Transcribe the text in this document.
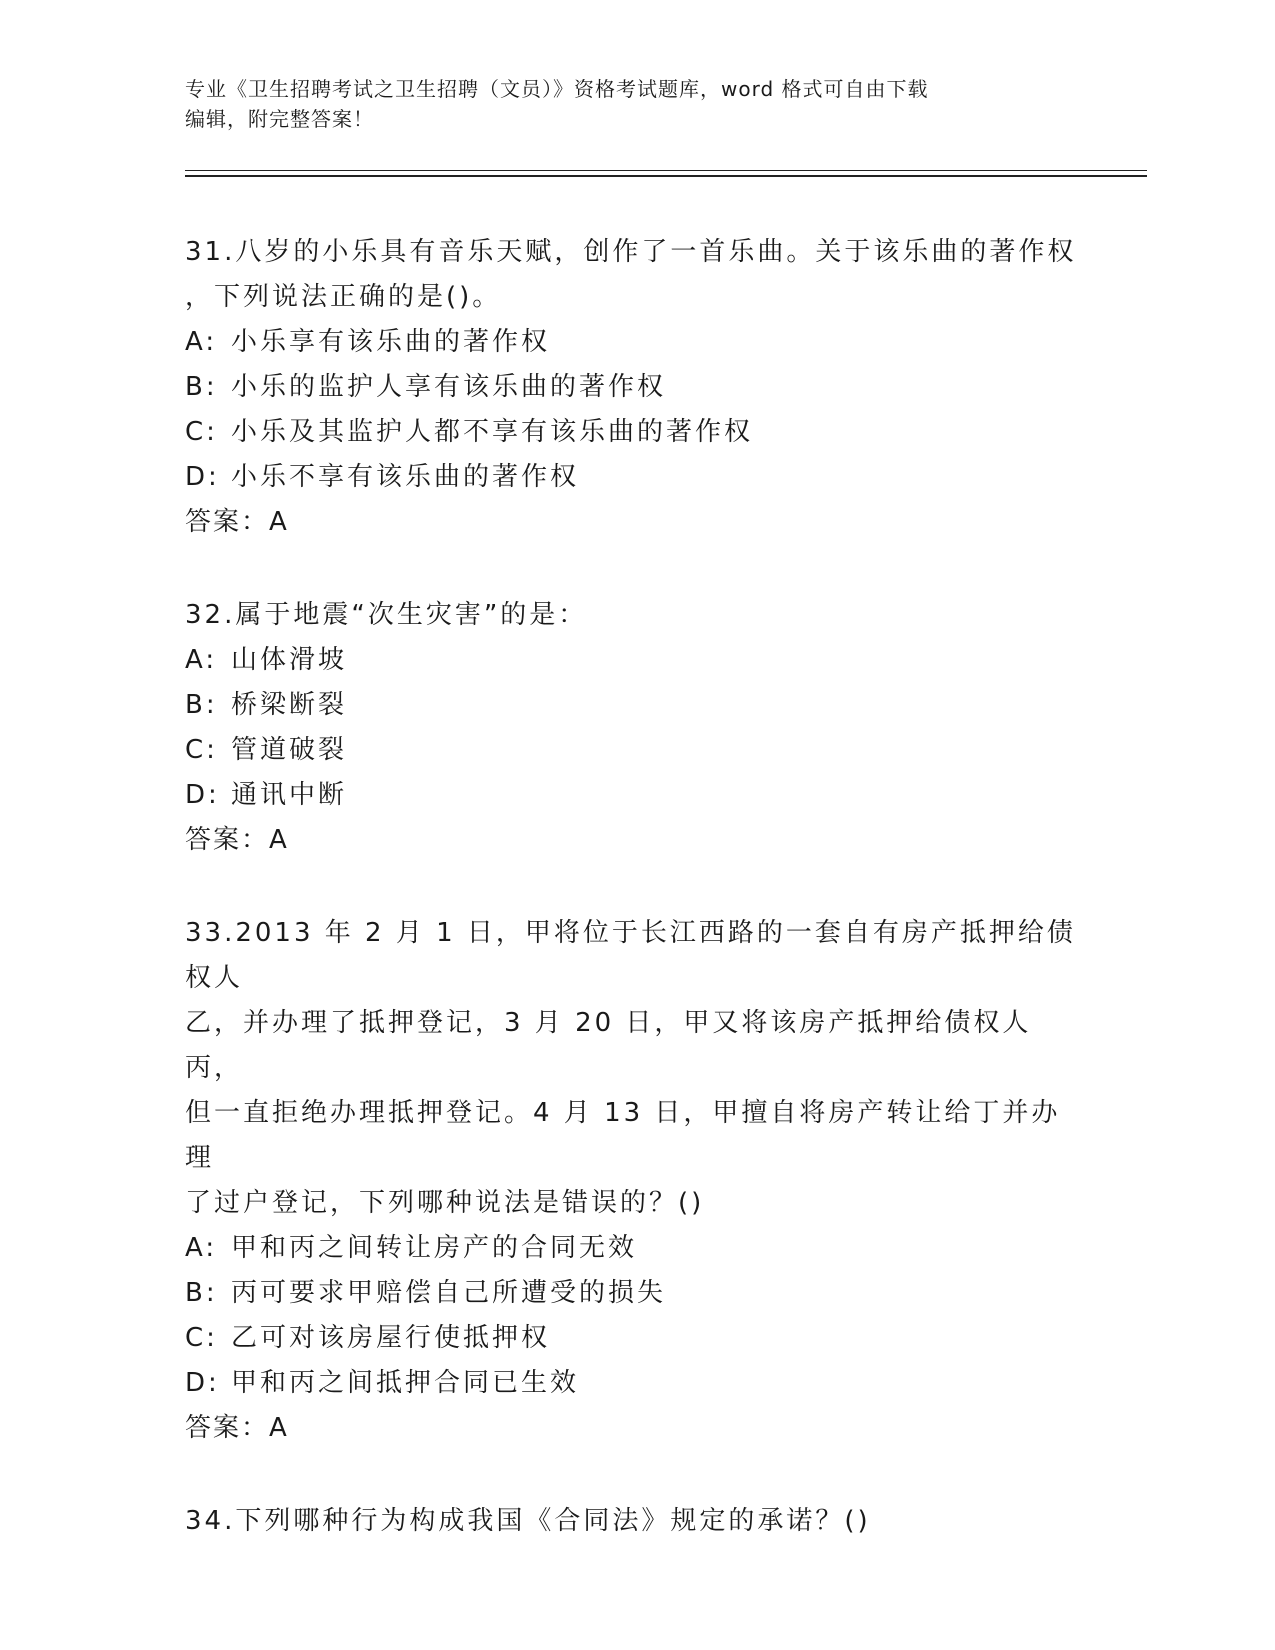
专业《卫生招聘考试之卫生招聘（文员）》资格考试题库，word 格式可自由下载
编辑，附完整答案！
31.八岁的小乐具有音乐天赋，创作了一首乐曲。关于该乐曲的著作权
，下列说法正确的是()。
A: 小乐享有该乐曲的著作权
B: 小乐的监护人享有该乐曲的著作权
C: 小乐及其监护人都不享有该乐曲的著作权
D: 小乐不享有该乐曲的著作权
答案：A
32.属于地震“次生灾害”的是：
A: 山体滑坡
B: 桥梁断裂
C: 管道破裂
D: 通讯中断
答案：A
33.2013 年 2 月 1 日，甲将位于长江西路的一套自有房产抵押给债权人
乙，并办理了抵押登记，3 月 20 日，甲又将该房产抵押给债权人丙，
但一直拒绝办理抵押登记。4 月 13 日，甲擅自将房产转让给丁并办理
了过户登记，下列哪种说法是错误的？()
A: 甲和丙之间转让房产的合同无效
B: 丙可要求甲赔偿自己所遭受的损失
C: 乙可对该房屋行使抵押权
D: 甲和丙之间抵押合同已生效
答案：A
34.下列哪种行为构成我国《合同法》规定的承诺？()
